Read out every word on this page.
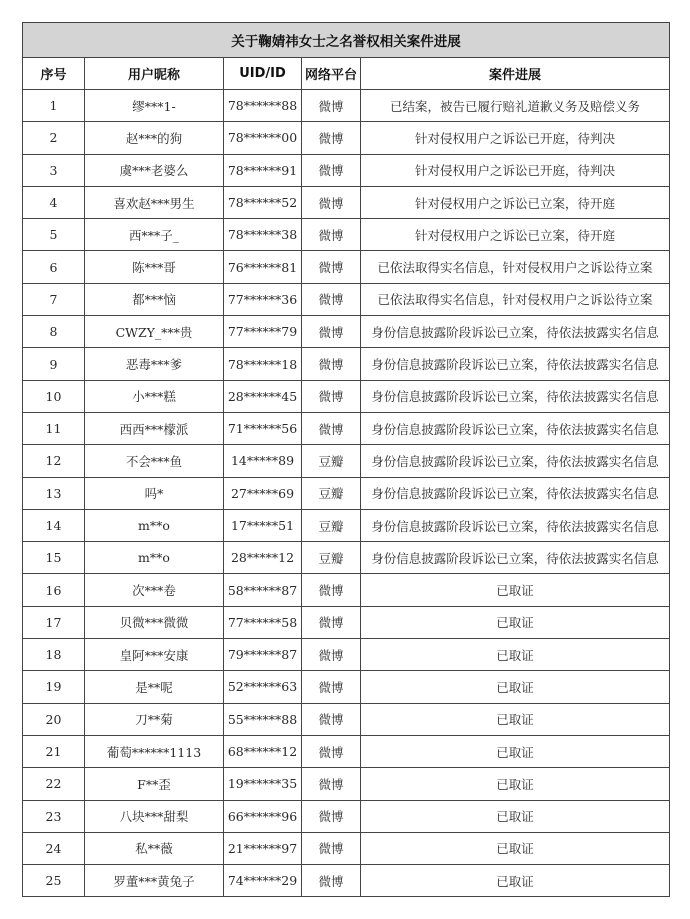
关于鞠婧祎女士之名誉权相关案件进展				
序号	用户昵称	UID/ID	网络平台	案件进展
1	缪***1-	78******88	微博	已结案，被告已履行赔礼道歉义务及赔偿义务
2	赵***的狗	78******00	微博	针对侵权用户之诉讼已开庭，待判决
3	虞***老婆么	78******91	微博	针对侵权用户之诉讼已开庭，待判决
4	喜欢赵***男生	78******52	微博	针对侵权用户之诉讼已立案，待开庭
5	西***子_	78******38	微博	针对侵权用户之诉讼已立案，待开庭
6	陈***哥	76******81	微博	已依法取得实名信息，针对侵权用户之诉讼待立案
7	都***恼	77******36	微博	已依法取得实名信息，针对侵权用户之诉讼待立案
8	CWZY_***贵	77******79	微博	身份信息披露阶段诉讼已立案，待依法披露实名信息
9	恶毒***爹	78******18	微博	身份信息披露阶段诉讼已立案，待依法披露实名信息
10	小***糕	28******45	微博	身份信息披露阶段诉讼已立案，待依法披露实名信息
11	西西***檬派	71******56	微博	身份信息披露阶段诉讼已立案，待依法披露实名信息
12	不会***鱼	14*****89	豆瓣	身份信息披露阶段诉讼已立案，待依法披露实名信息
13	吗*	27*****69	豆瓣	身份信息披露阶段诉讼已立案，待依法披露实名信息
14	m**o	17*****51	豆瓣	身份信息披露阶段诉讼已立案，待依法披露实名信息
15	m**o	28*****12	豆瓣	身份信息披露阶段诉讼已立案，待依法披露实名信息
16	次***卷	58******87	微博	已取证
17	贝微***微微	77******58	微博	已取证
18	皇阿***安康	79******87	微博	已取证
19	是**呢	52******63	微博	已取证
20	刀**菊	55******88	微博	已取证
21	葡萄******1113	68******12	微博	已取证
22	F**歪	19******35	微博	已取证
23	八块***甜梨	66******96	微博	已取证
24	私**薇	21******97	微博	已取证
25	罗董***黄兔子	74******29	微博	已取证
